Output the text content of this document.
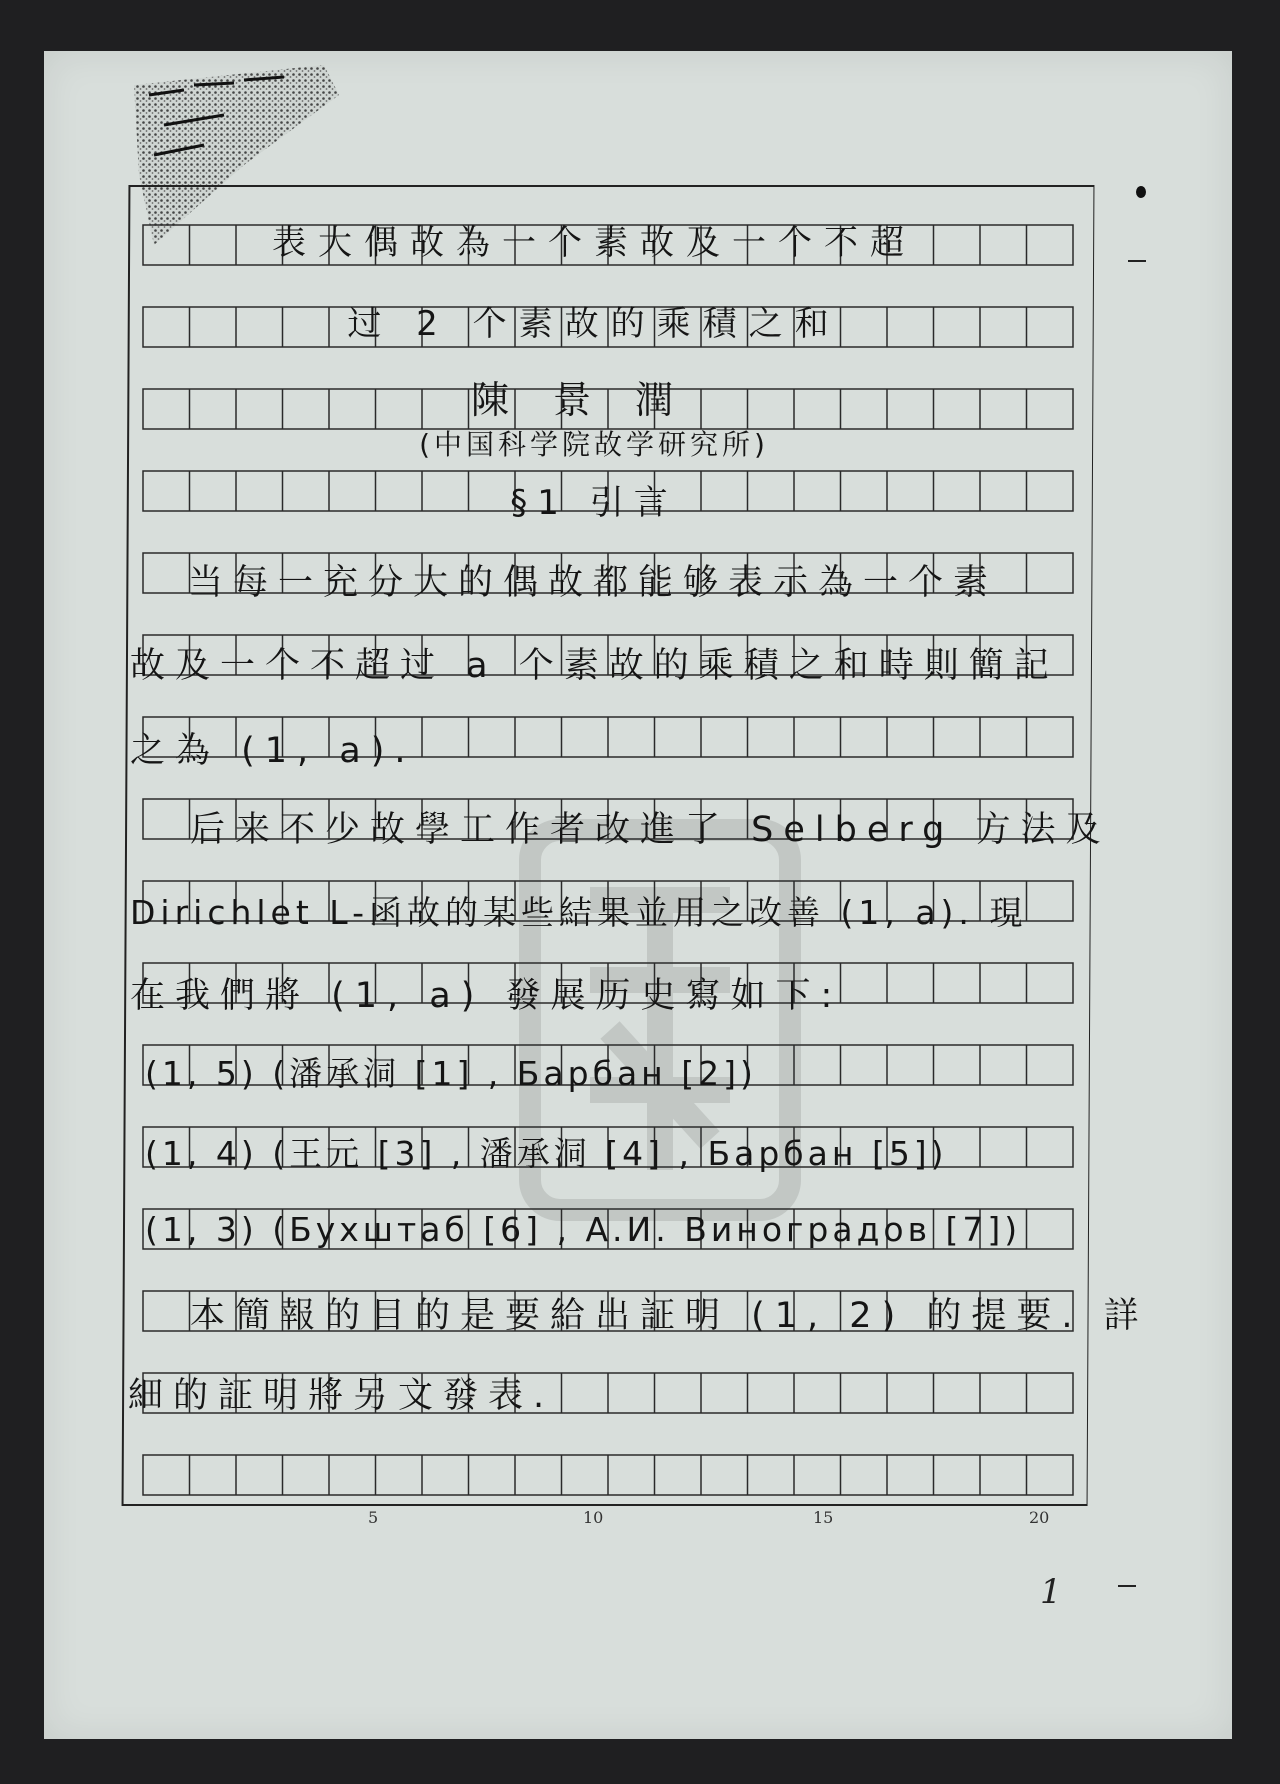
表大偶故為一个素故及一个不超
过 2 个素故的乘積之和
陳景潤
(中国科学院故学研究所)
§1 引言
当每一充分大的偶故都能够表示為一个素
故及一个不超过 a 个素故的乘積之和時則簡記
之為 (1, a).
后来不少故學工作者改進了 Selberg 方法及
Dirichlet L-函故的某些結果並用之改善 (1, a). 現
在我們將 (1, a) 發展历史寫如下:
(1, 5) (潘承洞 [1] , Барбан [2])
(1, 4) (王元 [3] , 潘承洞 [4] , Барбан [5])
(1, 3) (Бухштаб [6] , А.И. Виноградов [7])
本簡報的目的是要給出証明 (1, 2) 的提要. 詳
細的証明將另文發表.
5	10	15	20
1
